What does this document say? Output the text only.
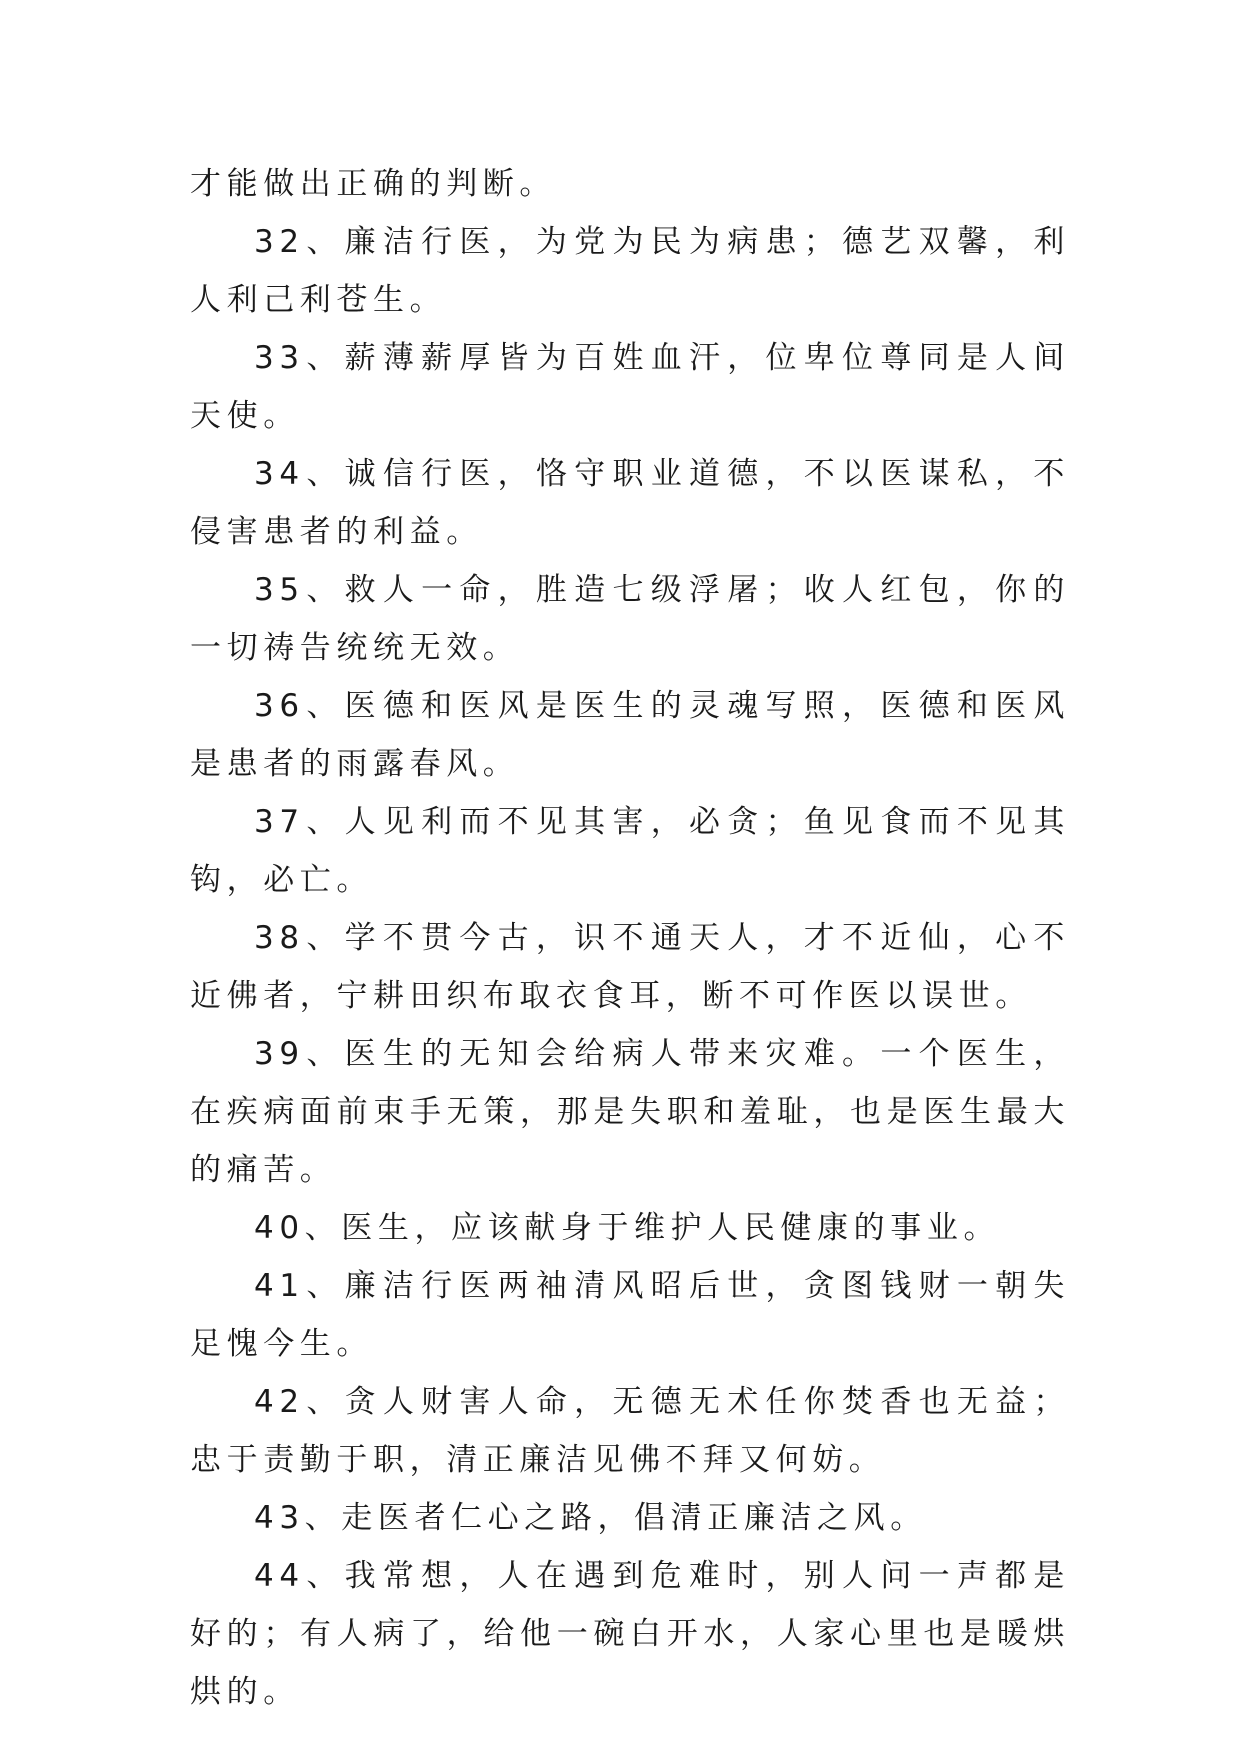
才能做出正确的判断。

32、廉洁行医，为党为民为病患；德艺双馨，利人利己利苍生。

33、薪薄薪厚皆为百姓血汗，位卑位尊同是人间天使。

34、诚信行医，恪守职业道德，不以医谋私，不侵害患者的利益。

35、救人一命，胜造七级浮屠；收人红包，你的一切祷告统统无效。

36、医德和医风是医生的灵魂写照，医德和医风是患者的雨露春风。

37、人见利而不见其害，必贪；鱼见食而不见其钩，必亡。

38、学不贯今古，识不通天人，才不近仙，心不近佛者，宁耕田织布取衣食耳，断不可作医以误世。

39、医生的无知会给病人带来灾难。一个医生，在疾病面前束手无策，那是失职和羞耻，也是医生最大的痛苦。

40、医生，应该献身于维护人民健康的事业。

41、廉洁行医两袖清风昭后世，贪图钱财一朝失足愧今生。

42、贪人财害人命，无德无术任你焚香也无益；忠于责勤于职，清正廉洁见佛不拜又何妨。

43、走医者仁心之路，倡清正廉洁之风。

44、我常想，人在遇到危难时，别人问一声都是好的；有人病了，给他一碗白开水，人家心里也是暖烘烘的。
